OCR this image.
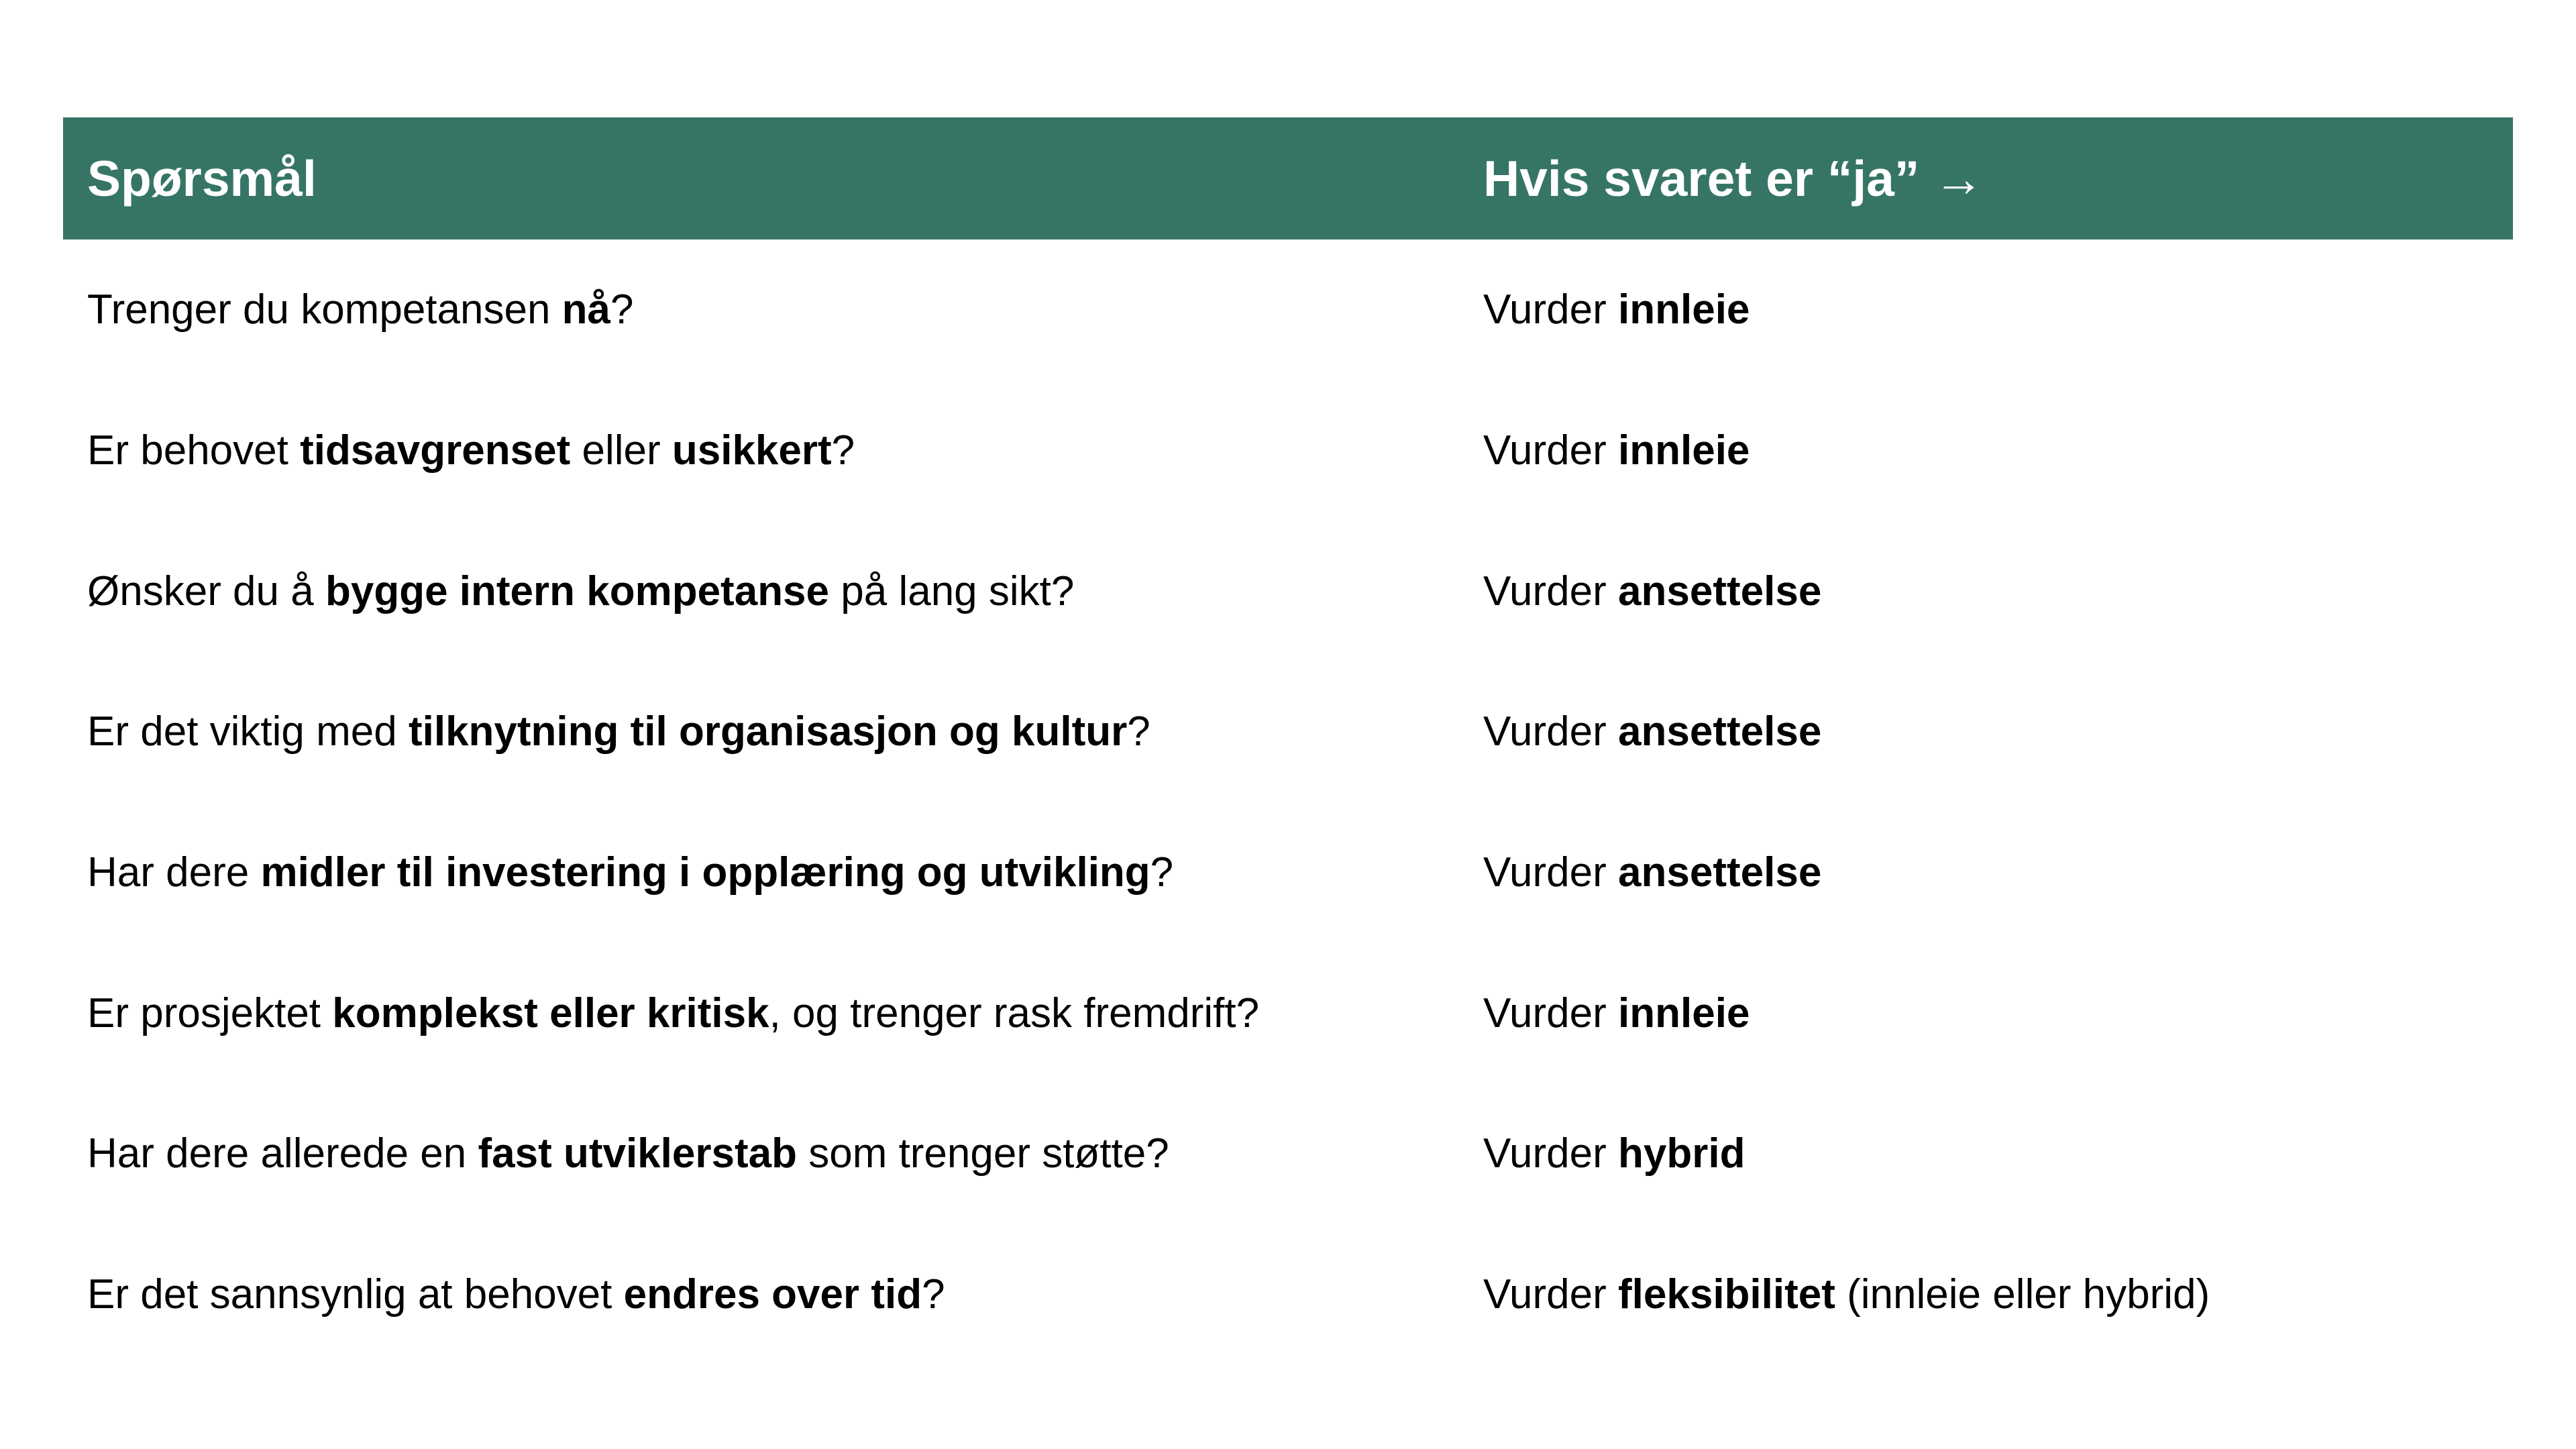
Spørsmål	Hvis svaret er “ja” →
Trenger du kompetansen nå?	Vurder innleie
Er behovet tidsavgrenset eller usikkert?	Vurder innleie
Ønsker du å bygge intern kompetanse på lang sikt?	Vurder ansettelse
Er det viktig med tilknytning til organisasjon og kultur?	Vurder ansettelse
Har dere midler til investering i opplæring og utvikling?	Vurder ansettelse
Er prosjektet komplekst eller kritisk, og trenger rask fremdrift?	Vurder innleie
Har dere allerede en fast utviklerstab som trenger støtte?	Vurder hybrid
Er det sannsynlig at behovet endres over tid?	Vurder fleksibilitet (innleie eller hybrid)
